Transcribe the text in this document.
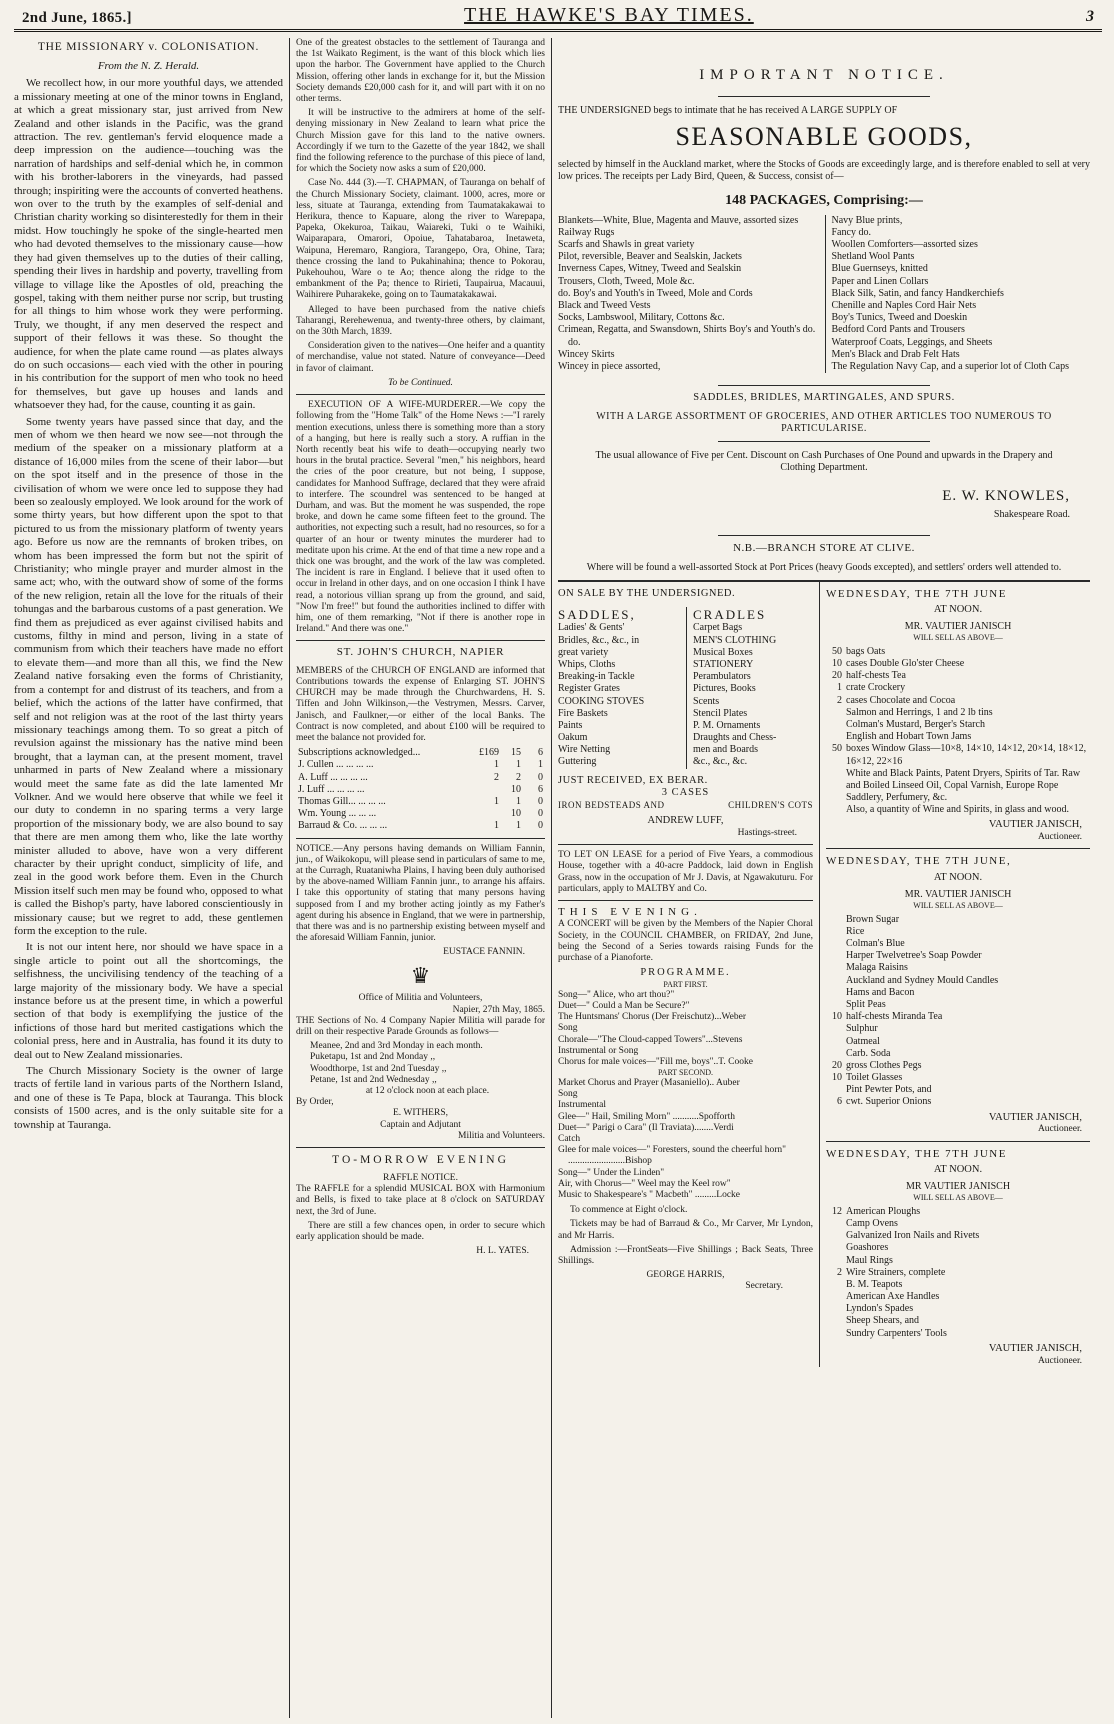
2nd June, 1865.]	THE HAWKE'S BAY TIMES.	3
THE MISSIONARY v. COLONISATION.
From the N. Z. Herald.

We recollect how, in our more youthful days, we attended a missionary meeting at one of the minor towns in England, at which a great missionary star, just arrived from New Zealand and other islands in the Pacific, was the grand attraction. The rev. gentleman's fervid eloquence made a deep impression on the audience—touching was the narration of hardships and self-denial which he, in common with his brother-laborers in the vineyards, had passed through; inspiriting were the accounts of converted heathens. won over to the truth by the examples of self-denial and Christian charity working so disinterestedly for them in their midst. How touchingly he spoke of the single-hearted men who had devoted themselves to the missionary cause—how they had given themselves up to the duties of their calling, spending their lives in hardship and poverty, travelling from village to village like the Apostles of old, preaching the gospel, taking with them neither purse nor scrip, but trusting for all things to him whose work they were performing. Truly, we thought, if any men deserved the respect and support of their fellows it was these. So thought the audience, for when the plate came round —as plates always do on such occasions— each vied with the other in pouring in his contribution for the support of men who took no heed for themselves, but gave up houses and lands and whatsoever they had, for the cause, counting it as gain.

Some twenty years have passed since that day, and the men of whom we then heard we now see—not through the medium of the speaker on a missionary platform at a distance of 16,000 miles from the scene of their labor—but on the spot itself and in the presence of those in the civilisation of whom we were once led to suppose they had been so zealously employed. We look around for the work of some thirty years, but how different upon the spot to that pictured to us from the missionary platform of twenty years ago. Before us now are the remnants of broken tribes, on whom has been impressed the form but not the spirit of Christianity; who mingle prayer and murder almost in the same act; who, with the outward show of some of the forms of the new religion, retain all the love for the rituals of their tohungas and the barbarous customs of a past generation. We find them as prejudiced as ever against civilised habits and customs, filthy in mind and person, living in a state of communism from which their teachers have made no effort to elevate them—and more than all this, we find the New Zealand native forsaking even the forms of Christianity, from a contempt for and distrust of its teachers, and from a belief, which the actions of the latter have confirmed, that self and not religion was at the root of the last thirty years missionary teachings among them. To so great a pitch of revulsion against the missionary has the native mind been brought, that a layman can, at the present moment, travel unharmed in parts of New Zealand where a missionary would meet the same fate as did the late lamented Mr Volkner. And we would here observe that while we feel it our duty to condemn in no sparing terms a very large proportion of the missionary body, we are also bound to say that there are men among them who, like the late worthy minister alluded to above, have won a very different character by their upright conduct, simplicity of life, and zeal in the good work before them. Even in the Church Mission itself such men may be found who, opposed to what is called the Bishop's party, have labored conscientiously in missionary cause; but we regret to add, these gentlemen form the exception to the rule.

It is not our intent here, nor should we have space in a single article to point out all the shortcomings, the selfishness, the uncivilising tendency of the teaching of a large majority of the missionary body. We have a special instance before us at the present time, in which a powerful section of that body is exemplifying the justice of the infictions of those hard but merited castigations which the colonial press, here and in Australia, has found it its duty to deal out to New Zealand missionaries.

The Church Missionary Society is the owner of large tracts of fertile land in various parts of the Northern Island, and one of these is Te Papa, block at Tauranga. This block consists of 1500 acres, and is the only suitable site for a township at Tauranga.

One of the greatest obstacles to the settlement of Tauranga and the 1st Waikato Regiment, is the want of this block which lies upon the harbor. The Government have applied to the Church Mission, offering other lands in exchange for it, but the Mission Society demands £20,000 cash for it, and will part with it on no other terms.

It will be instructive to the admirers at home of the self-denying missionary in New Zealand to learn what price the Church Mission gave for this land to the native owners. Accordingly if we turn to the Gazette of the year 1842, we shall find the following reference to the purchase of this piece of land, for which the Society now asks a sum of £20,000.

Case No. 444 (3).—T. CHAPMAN, of Tauranga on behalf of the Church Missionary Society, claimant. 1000, acres, more or less, situate at Tauranga, extending from Taumatakakawai to Herikura, thence to Kapuare, along the river to Warepapa, Papeka, Okekuroa, Taikau, Waiareki, Tuki o te Waihiki, Waiparapara, Omarori, Opoiue, Tahatabaroa, Inetaweta, Waipuna, Heremaro, Rangiora, Tarangepo, Ora, Ohine, Tara; thence crossing the land to Pukahinahina; thence to Pokorau, Pukehouhou, Ware o te Ao; thence along the ridge to the embankment of the Pa; thence to Ririeti, Taupairua, Macauui, Waihirere Puharakeke, going on to Taumatakakawai.

Alleged to have been purchased from the native chiefs Taharangi, Rerehewenua, and twenty-three others, by claimant, on the 30th March, 1839.

Consideration given to the natives—One heifer and a quantity of merchandise, value not stated. Nature of conveyance—Deed in favor of claimant.

To be Continued.

EXECUTION OF A WIFE-MURDERER.—We copy the following from the "Home Talk" of the Home News :—"I rarely mention executions, unless there is something more than a story of a hanging, but here is really such a story. A ruffian in the North recently beat his wife to death—occupying nearly two hours in the brutal practice. Several "men," his neighbors, heard the cries of the poor creature, but not being, I suppose, candidates for Manhood Suffrage, declared that they were afraid to interfere. The scoundrel was sentenced to be hanged at Durham, and was. But the moment he was suspended, the rope broke, and down he came some fifteen feet to the ground. The authorities, not expecting such a result, had no resources, so for a quarter of an hour or twenty minutes the murderer had to meditate upon his crime. At the end of that time a new rope and a thick one was brought, and the work of the law was completed. The incident is rare in England. I believe that it used often to occur in Ireland in other days, and on one occasion I think I have read, a notorious villian sprang up from the ground, and said, "Now I'm free!" but found the authorities inclined to differ with him, one of them remarking, "Not if there is another rope in Ireland." And there was one."

ST. JOHN'S CHURCH, NAPIER

MEMBERS of the CHURCH OF ENGLAND are informed that Contributions towards the expense of Enlarging ST. JOHN'S CHURCH may be made through the Churchwardens, H. S. Tiffen and John Wilkinson,—the Vestrymen, Messrs. Carver, Janisch, and Faulkner,—or either of the local Banks. The Contract is now completed, and about £100 will be required to meet the balance not provided for.

Subscriptions acknowledged...	£169	15	6
J. Cullen ... ... ... ...	1	1	1
A. Luff ... ... ... ...	2	2	0
J. Luff ... ... ... ...		10	6
Thomas Gill... ... ... ...	1	1	0
Wm. Young ... ... ...		10	0
Barraud & Co. ... ... ...	1	1	0

NOTICE.—Any persons having demands on William Fannin, jun., of Waikokopu, will please send in particulars of same to me, at the Curragh, Ruataniwha Plains, I having been duly authorised by the above-named William Fannin junr., to arrange his affairs. I take this opportunity of stating that many persons having supposed from I and my brother acting jointly as my Father's agent during his absence in England, that we were in partnership, that there was and is no partnership existing between myself and the aforesaid William Fannin, junior.

EUSTACE FANNIN.
♛
Office of Militia and Volunteers,
Napier, 27th May, 1865.

THE Sections of No. 4 Company Napier Militia will parade for drill on their respective Parade Grounds as follows—

Meanee, 2nd and 3rd Monday in each month.
Puketapu, 1st and 2nd Monday ,,
Woodthorpe, 1st and 2nd Tuesday ,,
Petane, 1st and 2nd Wednesday ,,
at 12 o'clock noon at each place.
By Order,
E. WITHERS,
Captain and Adjutant
Militia and Volunteers.
TO-MORROW EVENING
RAFFLE NOTICE.

The RAFFLE for a splendid MUSICAL BOX with Harmonium and Bells, is fixed to take place at 8 o'clock on SATURDAY next, the 3rd of June.

There are still a few chances open, in order to secure which early application should be made.

H. L. YATES.
IMPORTANT NOTICE.

THE UNDERSIGNED begs to intimate that he has received A LARGE SUPPLY OF

SEASONABLE GOODS,

selected by himself in the Auckland market, where the Stocks of Goods are exceedingly large, and is therefore enabled to sell at very low prices. The receipts per Lady Bird, Queen, & Success, consist of—

148 PACKAGES, Comprising:—
Blankets—White, Blue, Magenta and Mauve, assorted sizes
Railway Rugs
Scarfs and Shawls in great variety
Pilot, reversible, Beaver and Sealskin, Jackets
Inverness Capes, Witney, Tweed and Sealskin
Trousers, Cloth, Tweed, Mole &c.
do. Boy's and Youth's in Tweed, Mole and Cords
Black and Tweed Vests
Socks, Lambswool, Military, Cottons &c.
Crimean, Regatta, and Swansdown, Shirts Boy's and Youth's do. do.
Wincey Skirts
Wincey in piece assorted,
Navy Blue prints,
Fancy do.
Woollen Comforters—assorted sizes
Shetland Wool Pants
Blue Guernseys, knitted
Paper and Linen Collars
Black Silk, Satin, and fancy Handkerchiefs
Chenille and Naples Cord Hair Nets
Boy's Tunics, Tweed and Doeskin
Bedford Cord Pants and Trousers
Waterproof Coats, Leggings, and Sheets
Men's Black and Drab Felt Hats
The Regulation Navy Cap, and a superior lot of Cloth Caps
SADDLES, BRIDLES, MARTINGALES, AND SPURS.
WITH A LARGE ASSORTMENT OF GROCERIES, AND OTHER ARTICLES TOO NUMEROUS TO PARTICULARISE.

The usual allowance of Five per Cent. Discount on Cash Purchases of One Pound and upwards in the Drapery and Clothing Department.

E. W. KNOWLES,
Shakespeare Road.
N.B.—BRANCH STORE AT CLIVE.

Where will be found a well-assorted Stock at Port Prices (heavy Goods excepted), and settlers' orders well attended to.

ON SALE BY THE UNDERSIGNED.
SADDLES,
Ladies' & Gents'
Bridles, &c., &c., in
great variety
Whips, Cloths
Breaking-in Tackle
Register Grates
COOKING STOVES
Fire Baskets
Paints
Oakum
Wire Netting
Guttering
CRADLES
Carpet Bags
MEN'S CLOTHING
Musical Boxes
STATIONERY
Perambulators
Pictures, Books
Scents
Stencil Plates
P. M. Ornaments
Draughts and Chess-
men and Boards
&c., &c., &c.
JUST RECEIVED, EX BERAR.
3 CASES
IRON BEDSTEADS AND	CHILDREN'S COTS
ANDREW LUFF,
Hastings-street.

TO LET ON LEASE for a period of Five Years, a commodious House, together with a 40-acre Paddock, laid down in English Grass, now in the occupation of Mr J. Davis, at Ngawakuturu. For particulars, apply to MALTBY and Co.

THIS EVENING.

A CONCERT will be given by the Members of the Napier Choral Society, in the COUNCIL CHAMBER, on FRIDAY, 2nd June, being the Second of a Series towards raising Funds for the purchase of a Pianoforte.

PROGRAMME.
PART FIRST.
Song—" Alice, who art thou?"
Duet—" Could a Man be Secure?"
The Huntsmans' Chorus (Der Freischutz)...Weber
Song
Chorale—"The Cloud-capped Towers"...Stevens
Instrumental or Song
Chorus for male voices—"Fill me, boys"..T. Cooke
PART SECOND.
Market Chorus and Prayer (Masaniello).. Auber
Song
Instrumental
Glee—" Hail, Smiling Morn" ...........Spofforth
Duet—" Parigi o Cara" (Il Traviata)........Verdi
Catch
Glee for male voices—" Foresters, sound the cheerful horn" ........................Bishop
Song—" Under the Linden"
Air, with Chorus—" Weel may the Keel row"
Music to Shakespeare's " Macbeth" .........Locke

To commence at Eight o'clock.

Tickets may be had of Barraud & Co., Mr Carver, Mr Lyndon, and Mr Harris.

Admission :—FrontSeats—Five Shillings ; Back Seats, Three Shillings.

GEORGE HARRIS,
Secretary.
WEDNESDAY, THE 7TH JUNE
AT NOON.
MR. VAUTIER JANISCH
WILL SELL AS ABOVE—
50 bags Oats
10 cases Double Glo'ster Cheese
20 half-chests Tea
1 crate Crockery
2 cases Chocolate and Cocoa
Salmon and Herrings, 1 and 2 lb tins
Colman's Mustard, Berger's Starch
English and Hobart Town Jams
50 boxes Window Glass—10×8, 14×10, 14×12, 20×14, 18×12, 16×12, 22×16
White and Black Paints, Patent Dryers, Spirits of Tar. Raw and Boiled Linseed Oil, Copal Varnish, Europe Rope
Saddlery, Perfumery, &c.
Also, a quantity of Wine and Spirits, in glass and wood.
VAUTIER JANISCH,
Auctioneer.
WEDNESDAY, THE 7TH JUNE,
AT NOON.
MR. VAUTIER JANISCH
WILL SELL AS ABOVE—
Brown Sugar
Rice
Colman's Blue
Harper Twelvetree's Soap Powder
Malaga Raisins
Auckland and Sydney Mould Candles
Hams and Bacon
Split Peas
10 half-chests Miranda Tea
Sulphur
Oatmeal
Carb. Soda
20 gross Clothes Pegs
10 Toilet Glasses
Pint Pewter Pots, and
6 cwt. Superior Onions
VAUTIER JANISCH,
Auctioneer.
WEDNESDAY, THE 7TH JUNE
AT NOON.
MR VAUTIER JANISCH
WILL SELL AS ABOVE—
12 American Ploughs
Camp Ovens
Galvanized Iron Nails and Rivets
Goashores
Maul Rings
2 Wire Strainers, complete
B. M. Teapots
American Axe Handles
Lyndon's Spades
Sheep Shears, and
Sundry Carpenters' Tools
VAUTIER JANISCH,
Auctioneer.
